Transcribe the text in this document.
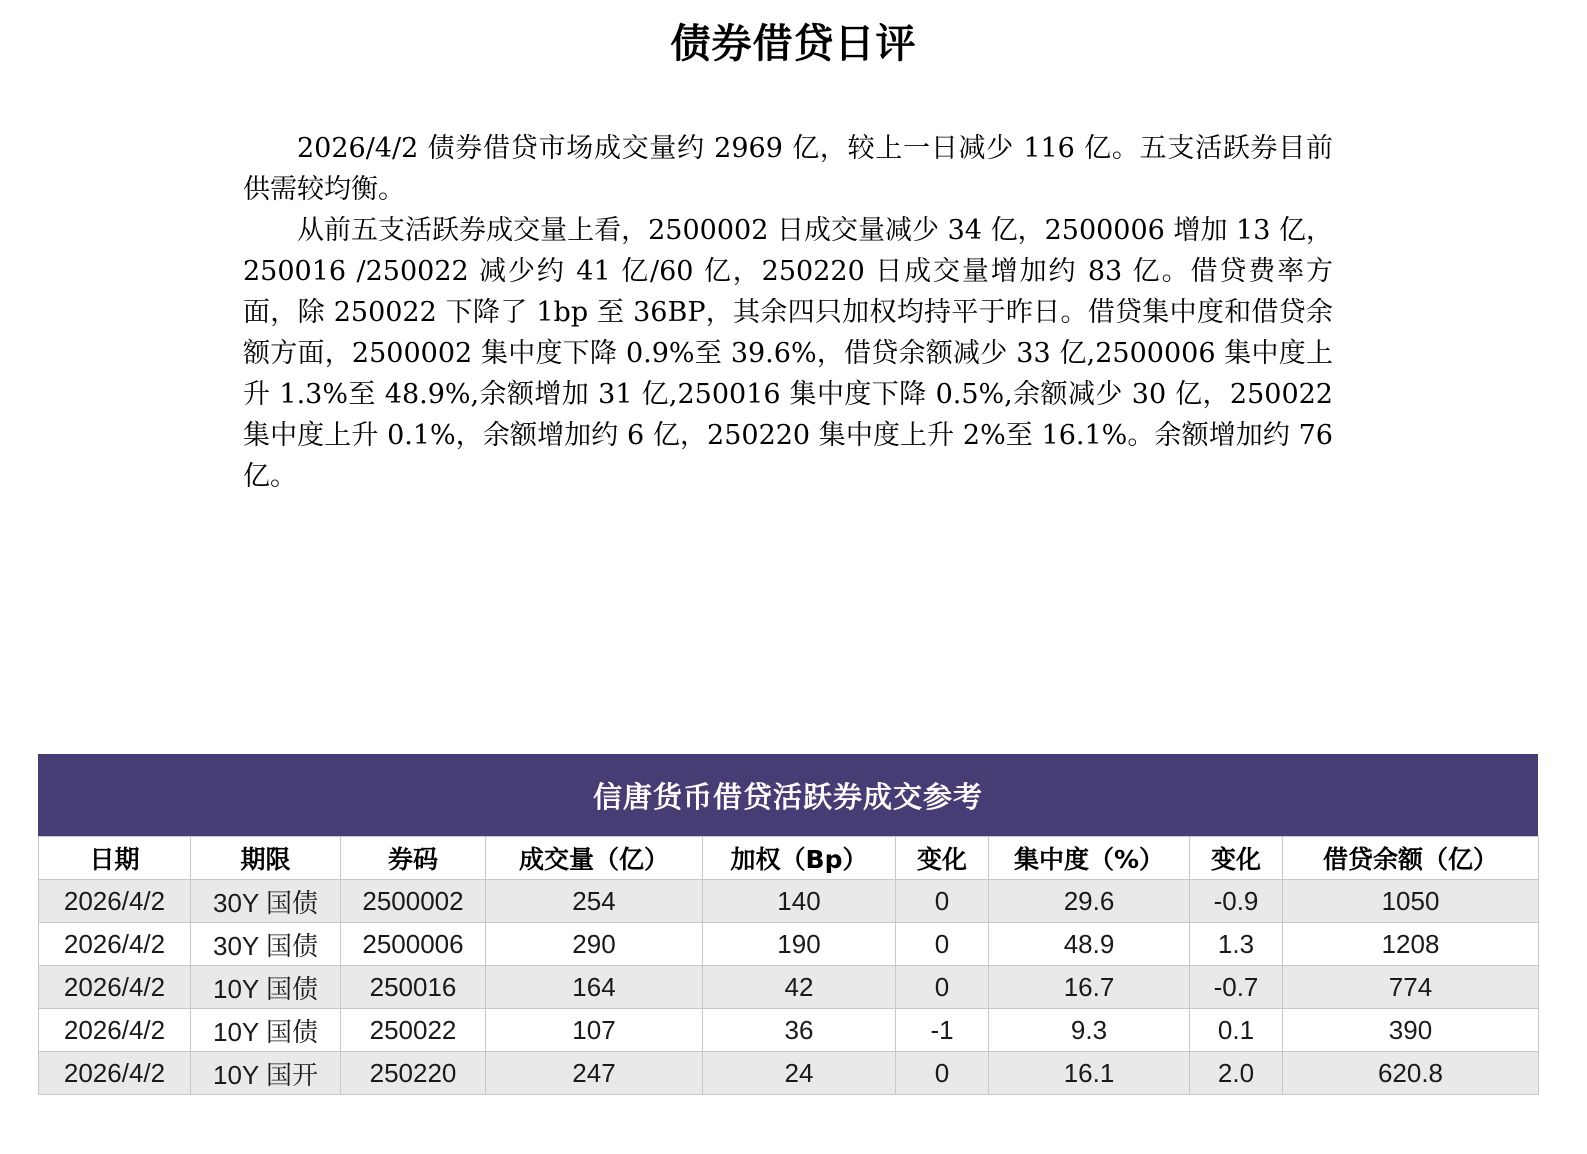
债券借贷日评

2026/4/2 债券借贷市场成交量约 2969 亿，较上一日减少 116 亿。五支活跃券目前供需较均衡。

从前五支活跃券成交量上看，2500002 日成交量减少 34 亿，2500006 增加 13 亿，250016 /250022 减少约 41 亿/60 亿，250220 日成交量增加约 83 亿。借贷费率方面，除 250022 下降了 1bp 至 36BP，其余四只加权均持平于昨日。借贷集中度和借贷余额方面，2500002 集中度下降 0.9%至 39.6%，借贷余额减少 33 亿,2500006 集中度上升 1.3%至 48.9%,余额增加 31 亿,250016 集中度下降 0.5%,余额减少 30 亿，250022 集中度上升 0.1%，余额增加约 6 亿，250220 集中度上升 2%至 16.1%。余额增加约 76 亿。

信唐货币借贷活跃券成交参考
日期	期限	券码	成交量（亿）	加权（Bp）	变化	集中度（%）	变化	借贷余额（亿）
2026/4/2	30Y 国债	2500002	254	140	0	29.6	-0.9	1050
2026/4/2	30Y 国债	2500006	290	190	0	48.9	1.3	1208
2026/4/2	10Y 国债	250016	164	42	0	16.7	-0.7	774
2026/4/2	10Y 国债	250022	107	36	-1	9.3	0.1	390
2026/4/2	10Y 国开	250220	247	24	0	16.1	2.0	620.8
